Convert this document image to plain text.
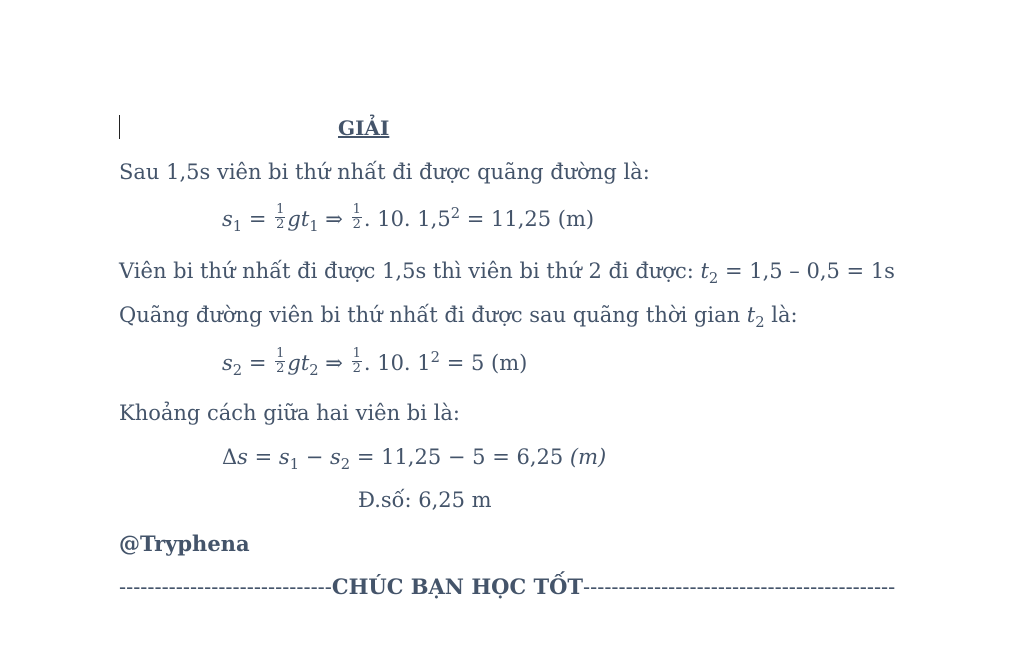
GIẢI
Sau 1,5s viên bi thứ nhất đi được quãng đường là:
$s_1 = \frac{1}{2} gt_1$ ⇒ $\frac{1}{2}$ . 10. $1,5^2 = 11,25$ (m)
Viên bi thứ nhất đi được 1,5s thì viên bi thứ 2 đi được: $t_2 = 1,5 - 0,5 = 1s$
Quãng đường viên bi thứ nhất đi được sau quãng thời gian $t_2$ là:
$s_2 = \frac{1}{2} gt_2$ ⇒ $\frac{1}{2}$ . 10. $1^2 = 5$ (m)
Khoảng cách giữa hai viên bi là:
$\Delta s = s_1 - s_2 = 11,25 - 5 = 6,25$ (m)
Đ.số: 6,25 m
@Tryphena
------------------------------CHÚC BẠN HỌC TỐT--------------------------------------------
